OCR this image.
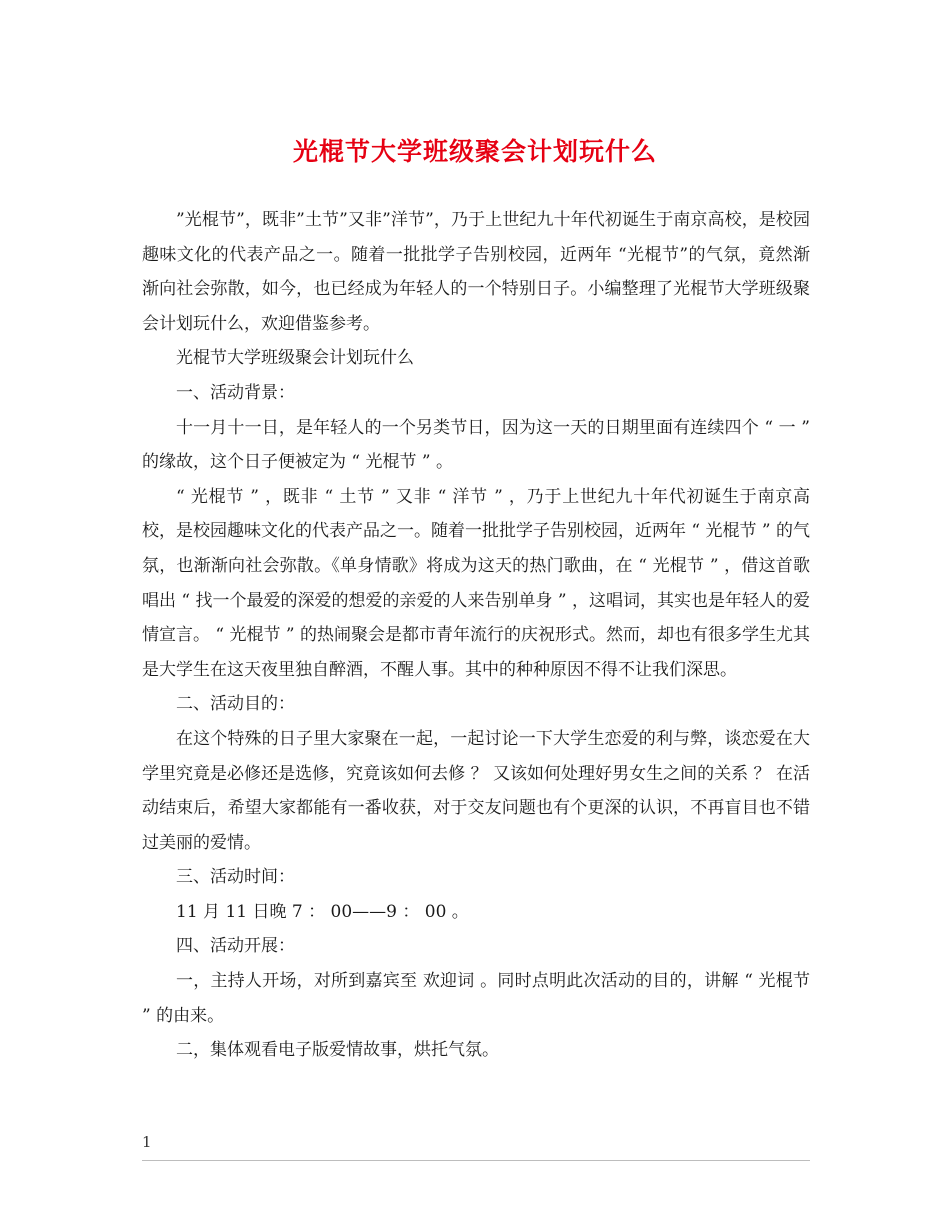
光棍节大学班级聚会计划玩什么

”光棍节”，既非”土节”又非”洋节”，乃于上世纪九十年代初诞生于南京高校，是校园趣味文化的代表产品之一。随着一批批学子告别校园，近两年 “光棍节”的气氛，竟然渐渐向社会弥散，如今，也已经成为年轻人的一个特别日子。小编整理了光棍节大学班级聚会计划玩什么，欢迎借鉴参考。

光棍节大学班级聚会计划玩什么

一、活动背景：

十一月十一日，是年轻人的一个另类节日，因为这一天的日期里面有连续四个 “ 一 ” 的缘故，这个日子便被定为 “ 光棍节 ” 。

“ 光棍节 ” ，既非 “ 土节 ” 又非 “ 洋节 ” ，乃于上世纪九十年代初诞生于南京高校，是校园趣味文化的代表产品之一。随着一批批学子告别校园，近两年 “ 光棍节 ” 的气氛，也渐渐向社会弥散。《单身情歌》将成为这天的热门歌曲，在 “ 光棍节 ” ，借这首歌唱出 “ 找一个最爱的深爱的想爱的亲爱的人来告别单身 ” ，这唱词，其实也是年轻人的爱情宣言。 “ 光棍节 ” 的热闹聚会是都市青年流行的庆祝形式。然而，却也有很多学生尤其是大学生在这天夜里独自醉酒，不醒人事。其中的种种原因不得不让我们深思。

二、活动目的：

在这个特殊的日子里大家聚在一起，一起讨论一下大学生恋爱的利与弊，谈恋爱在大学里究竟是必修还是选修，究竟该如何去修 ？ 又该如何处理好男女生之间的关系 ？ 在活动结束后，希望大家都能有一番收获，对于交友问题也有个更深的认识，不再盲目也不错过美丽的爱情。

三、活动时间：

11 月 11 日晚 7 ： 00——9 ： 00 。

四、活动开展：

一，主持人开场，对所到嘉宾至 欢迎词 。同时点明此次活动的目的，讲解 “ 光棍节 ” 的由来。

二，集体观看电子版爱情故事，烘托气氛。

1
